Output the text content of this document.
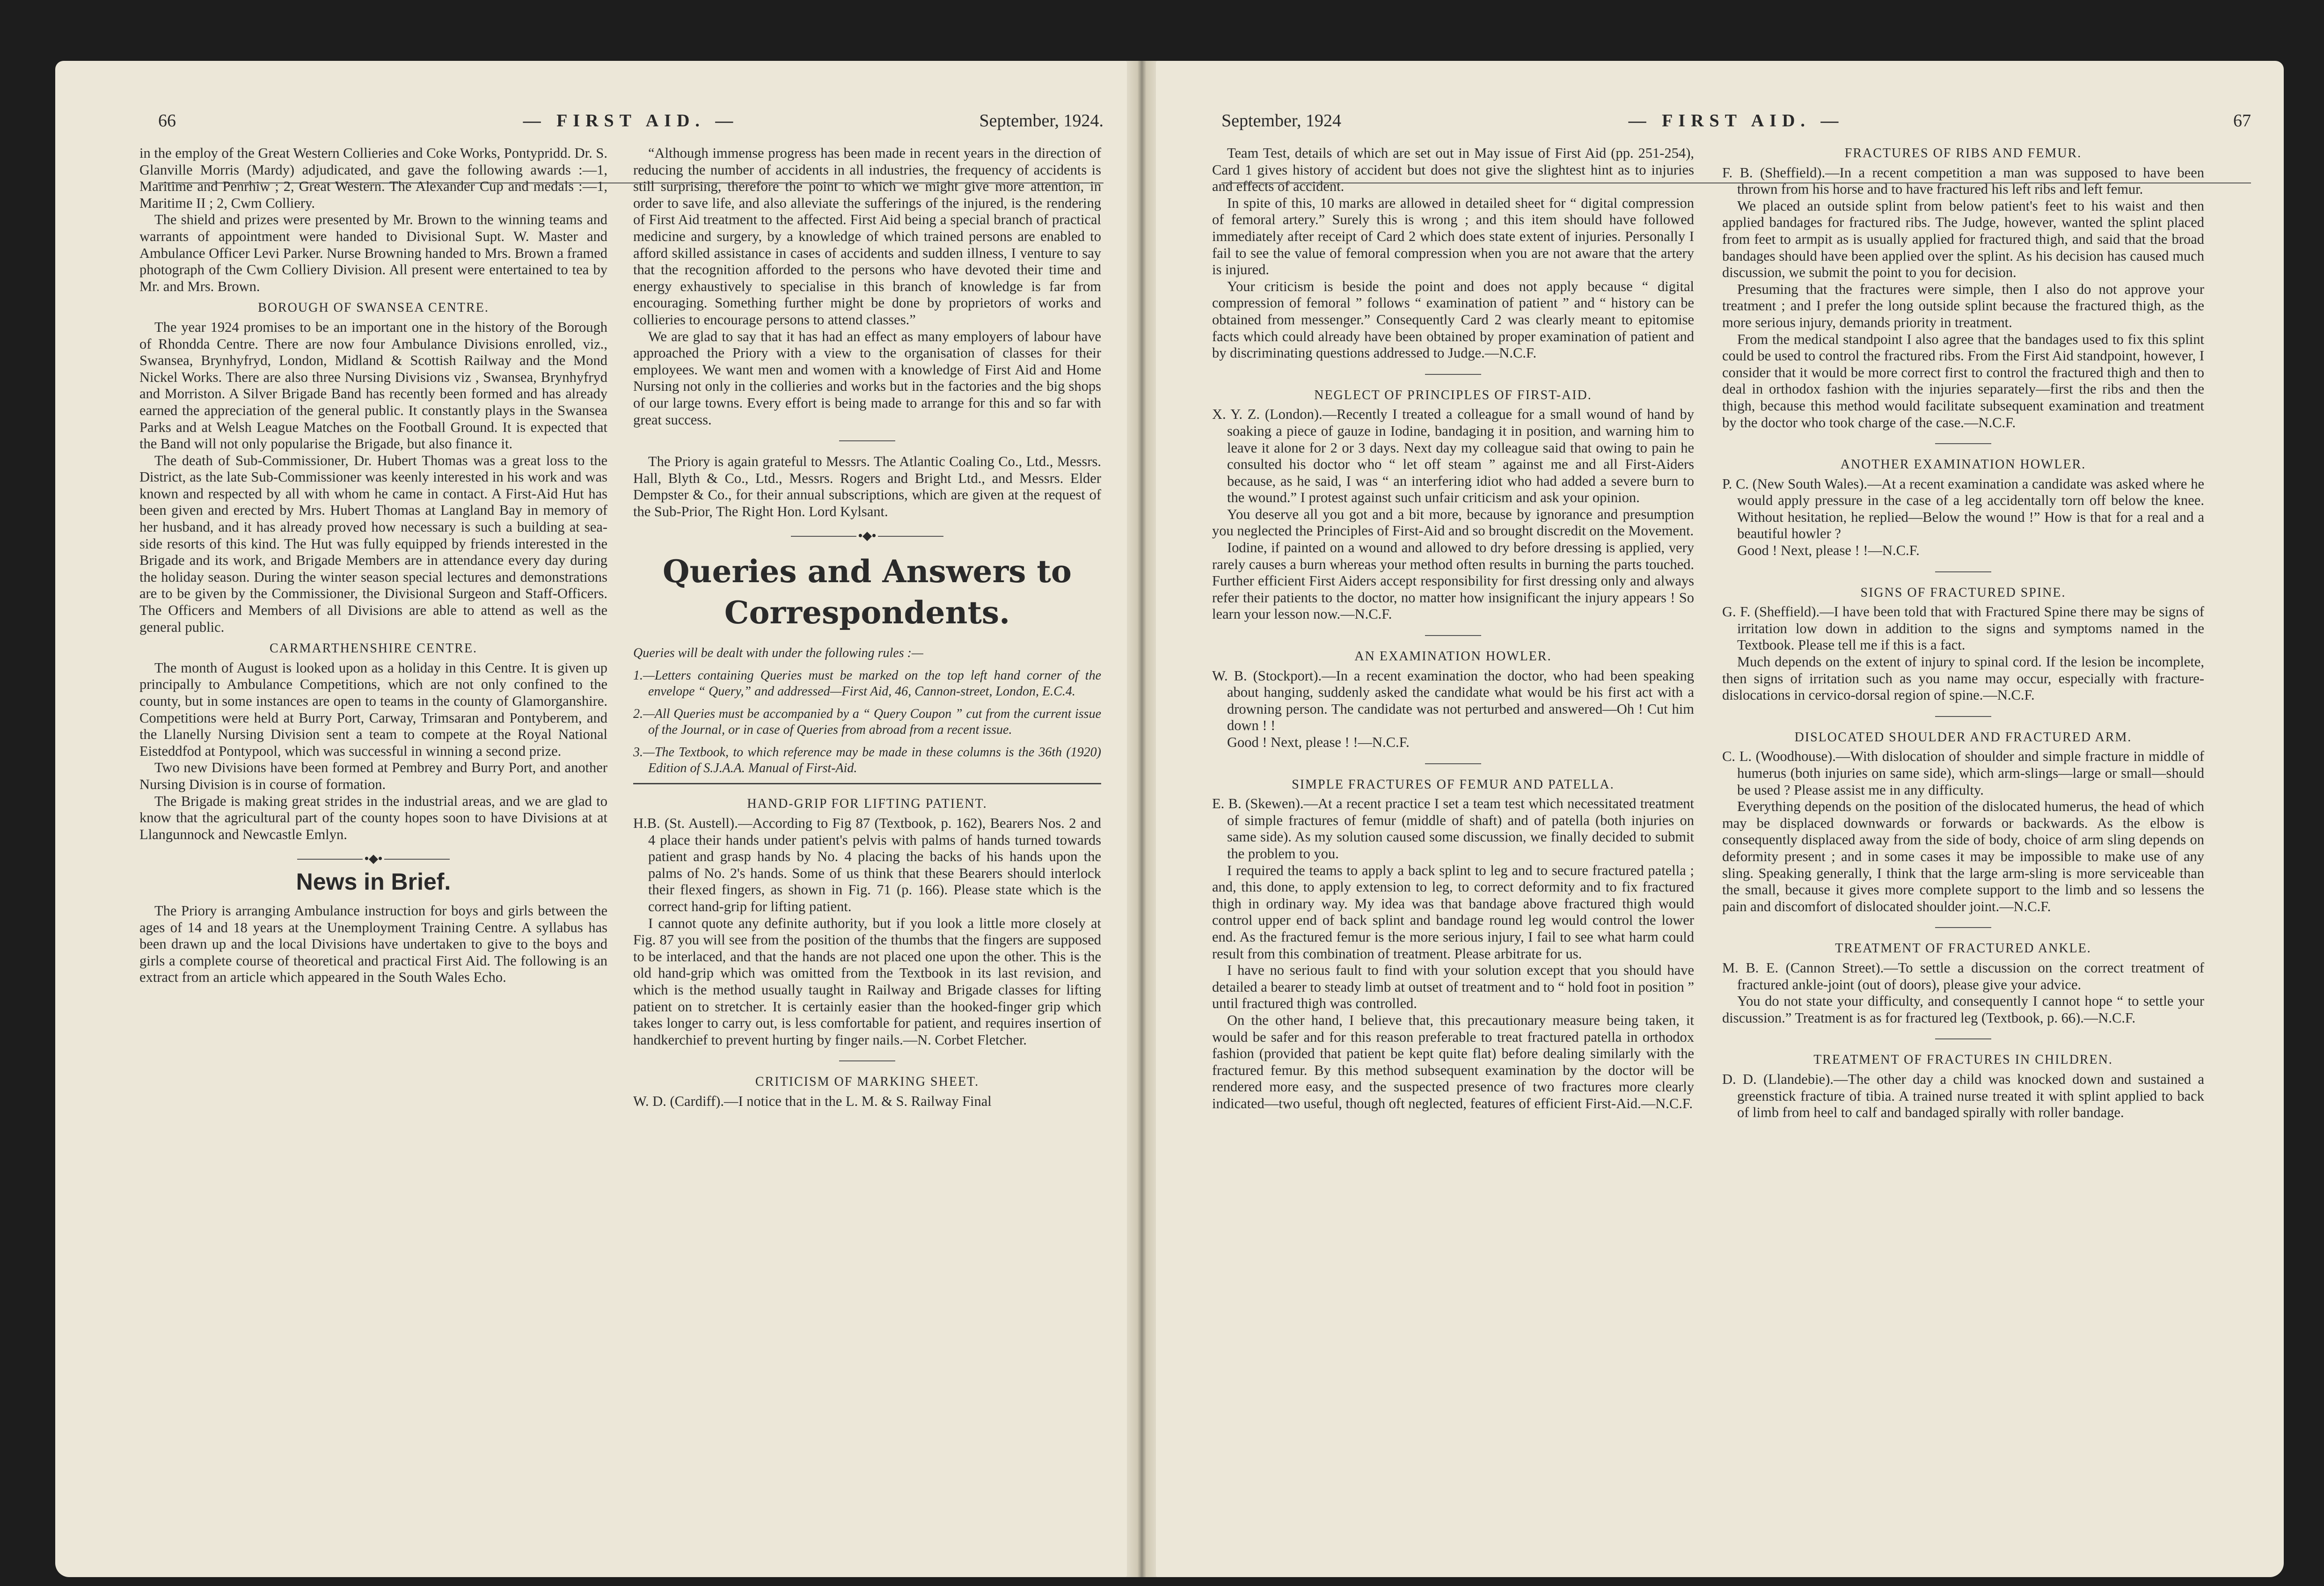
66	— FIRST AID. —	September, 1924.

in the employ of the Great Western Collieries and Coke Works, Pontypridd. Dr. S. Glanville Morris (Mardy) adjudicated, and gave the following awards :—1, Maritime and Penrhiw ; 2, Great Western. The Alexander Cup and medals :—1, Maritime II ; 2, Cwm Colliery.

The shield and prizes were presented by Mr. Brown to the winning teams and warrants of appointment were handed to Divisional Supt. W. Master and Ambulance Officer Levi Parker. Nurse Browning handed to Mrs. Brown a framed photograph of the Cwm Colliery Division. All present were entertained to tea by Mr. and Mrs. Brown.

BOROUGH OF SWANSEA CENTRE.

The year 1924 promises to be an important one in the history of the Borough of Rhondda Centre. There are now four Ambulance Divisions enrolled, viz., Swansea, Brynhyfryd, London, Midland & Scottish Railway and the Mond Nickel Works. There are also three Nursing Divisions viz , Swansea, Brynhyfryd and Morriston. A Silver Brigade Band has recently been formed and has already earned the appreciation of the general public. It constantly plays in the Swansea Parks and at Welsh League Matches on the Football Ground. It is expected that the Band will not only popularise the Brigade, but also finance it.

The death of Sub-Commissioner, Dr. Hubert Thomas was a great loss to the District, as the late Sub-Commissioner was keenly interested in his work and was known and respected by all with whom he came in contact. A First-Aid Hut has been given and erected by Mrs. Hubert Thomas at Langland Bay in memory of her husband, and it has already proved how necessary is such a building at sea-side resorts of this kind. The Hut was fully equipped by friends interested in the Brigade and its work, and Brigade Members are in attendance every day during the holiday season. During the winter season special lectures and demonstrations are to be given by the Commissioner, the Divisional Surgeon and Staff-Officers. The Officers and Members of all Divisions are able to attend as well as the general public.

CARMARTHENSHIRE CENTRE.

The month of August is looked upon as a holiday in this Centre. It is given up principally to Ambulance Competitions, which are not only confined to the county, but in some instances are open to teams in the county of Glamorganshire. Competitions were held at Burry Port, Carway, Trimsaran and Pontyberem, and the Llanelly Nursing Division sent a team to compete at the Royal National Eisteddfod at Pontypool, which was successful in winning a second prize.

Two new Divisions have been formed at Pembrey and Burry Port, and another Nursing Division is in course of formation.

The Brigade is making great strides in the industrial areas, and we are glad to know that the agricultural part of the county hopes soon to have Divisions at at Llangunnock and Newcastle Emlyn.

•◆•
News in Brief.

The Priory is arranging Ambulance instruction for boys and girls between the ages of 14 and 18 years at the Unemployment Training Centre. A syllabus has been drawn up and the local Divisions have undertaken to give to the boys and girls a complete course of theoretical and practical First Aid. The following is an extract from an article which appeared in the South Wales Echo.

“Although immense progress has been made in recent years in the direction of reducing the number of accidents in all industries, the frequency of accidents is still surprising, therefore the point to which we might give more attention, in order to save life, and also alleviate the sufferings of the injured, is the rendering of First Aid treatment to the affected. First Aid being a special branch of practical medicine and surgery, by a knowledge of which trained persons are enabled to afford skilled assistance in cases of accidents and sudden illness, I venture to say that the recognition afforded to the persons who have devoted their time and energy exhaustively to specialise in this branch of knowledge is far from encouraging. Something further might be done by proprietors of works and collieries to encourage persons to attend classes.”

We are glad to say that it has had an effect as many employers of labour have approached the Priory with a view to the organisation of classes for their employees. We want men and women with a knowledge of First Aid and Home Nursing not only in the collieries and works but in the factories and the big shops of our large towns. Every effort is being made to arrange for this and so far with great success.

The Priory is again grateful to Messrs. The Atlantic Coaling Co., Ltd., Messrs. Hall, Blyth & Co., Ltd., Messrs. Rogers and Bright Ltd., and Messrs. Elder Dempster & Co., for their annual subscriptions, which are given at the request of the Sub-Prior, The Right Hon. Lord Kylsant.

•◆•
Queries and Answers to Correspondents.

Queries will be dealt with under the following rules :—

1.—Letters containing Queries must be marked on the top left hand corner of the envelope “ Query,” and addressed—First Aid, 46, Cannon-street, London, E.C.4.

2.—All Queries must be accompanied by a “ Query Coupon ” cut from the current issue of the Journal, or in case of Queries from abroad from a recent issue.

3.—The Textbook, to which reference may be made in these columns is the 36th (1920) Edition of S.J.A.A. Manual of First-Aid.

HAND-GRIP FOR LIFTING PATIENT.

H.B. (St. Austell).—According to Fig 87 (Textbook, p. 162), Bearers Nos. 2 and 4 place their hands under patient's pelvis with palms of hands turned towards patient and grasp hands by No. 4 placing the backs of his hands upon the palms of No. 2's hands. Some of us think that these Bearers should interlock their flexed fingers, as shown in Fig. 71 (p. 166). Please state which is the correct hand-grip for lifting patient.

I cannot quote any definite authority, but if you look a little more closely at Fig. 87 you will see from the position of the thumbs that the fingers are supposed to be interlaced, and that the hands are not placed one upon the other. This is the old hand-grip which was omitted from the Textbook in its last revision, and which is the method usually taught in Railway and Brigade classes for lifting patient on to stretcher. It is certainly easier than the hooked-finger grip which takes longer to carry out, is less comfortable for patient, and requires insertion of handkerchief to prevent hurting by finger nails.—N. Corbet Fletcher.

CRITICISM OF MARKING SHEET.

W. D. (Cardiff).—I notice that in the L. M. & S. Railway Final

September, 1924	— FIRST AID. —	67

Team Test, details of which are set out in May issue of First Aid (pp. 251-254), Card 1 gives history of accident but does not give the slightest hint as to injuries and effects of accident.

In spite of this, 10 marks are allowed in detailed sheet for “ digital compression of femoral artery.” Surely this is wrong ; and this item should have followed immediately after receipt of Card 2 which does state extent of injuries. Personally I fail to see the value of femoral compression when you are not aware that the artery is injured.

Your criticism is beside the point and does not apply because “ digital compression of femoral ” follows “ examination of patient ” and “ history can be obtained from messenger.” Consequently Card 2 was clearly meant to epitomise facts which could already have been obtained by proper examination of patient and by discriminating questions addressed to Judge.—N.C.F.

NEGLECT OF PRINCIPLES OF FIRST-AID.

X. Y. Z. (London).—Recently I treated a colleague for a small wound of hand by soaking a piece of gauze in Iodine, bandaging it in position, and warning him to leave it alone for 2 or 3 days. Next day my colleague said that owing to pain he consulted his doctor who “ let off steam ” against me and all First-Aiders because, as he said, I was “ an interfering idiot who had added a severe burn to the wound.” I protest against such unfair criticism and ask your opinion.

You deserve all you got and a bit more, because by ignorance and presumption you neglected the Principles of First-Aid and so brought discredit on the Movement.

Iodine, if painted on a wound and allowed to dry before dressing is applied, very rarely causes a burn whereas your method often results in burning the parts touched. Further efficient First Aiders accept responsibility for first dressing only and always refer their patients to the doctor, no matter how insignificant the injury appears ! So learn your lesson now.—N.C.F.

AN EXAMINATION HOWLER.

W. B. (Stockport).—In a recent examination the doctor, who had been speaking about hanging, suddenly asked the candidate what would be his first act with a drowning person. The candidate was not perturbed and answered—Oh ! Cut him down ! !

Good ! Next, please ! !—N.C.F.

SIMPLE FRACTURES OF FEMUR AND PATELLA.

E. B. (Skewen).—At a recent practice I set a team test which necessitated treatment of simple fractures of femur (middle of shaft) and of patella (both injuries on same side). As my solution caused some discussion, we finally decided to submit the problem to you.

I required the teams to apply a back splint to leg and to secure fractured patella ; and, this done, to apply extension to leg, to correct deformity and to fix fractured thigh in ordinary way. My idea was that bandage above fractured thigh would control upper end of back splint and bandage round leg would control the lower end. As the fractured femur is the more serious injury, I fail to see what harm could result from this combination of treatment. Please arbitrate for us.

I have no serious fault to find with your solution except that you should have detailed a bearer to steady limb at outset of treatment and to “ hold foot in position ” until fractured thigh was controlled.

On the other hand, I believe that, this precautionary measure being taken, it would be safer and for this reason preferable to treat fractured patella in orthodox fashion (provided that patient be kept quite flat) before dealing similarly with the fractured femur. By this method subsequent examination by the doctor will be rendered more easy, and the suspected presence of two fractures more clearly indicated—two useful, though oft neglected, features of efficient First-Aid.—N.C.F.

FRACTURES OF RIBS AND FEMUR.

F. B. (Sheffield).—In a recent competition a man was supposed to have been thrown from his horse and to have fractured his left ribs and left femur.

We placed an outside splint from below patient's feet to his waist and then applied bandages for fractured ribs. The Judge, however, wanted the splint placed from feet to armpit as is usually applied for fractured thigh, and said that the broad bandages should have been applied over the splint. As his decision has caused much discussion, we submit the point to you for decision.

Presuming that the fractures were simple, then I also do not approve your treatment ; and I prefer the long outside splint because the fractured thigh, as the more serious injury, demands priority in treatment.

From the medical standpoint I also agree that the bandages used to fix this splint could be used to control the fractured ribs. From the First Aid standpoint, however, I consider that it would be more correct first to control the fractured thigh and then to deal in orthodox fashion with the injuries separately—first the ribs and then the thigh, because this method would facilitate subsequent examination and treatment by the doctor who took charge of the case.—N.C.F.

ANOTHER EXAMINATION HOWLER.

P. C. (New South Wales).—At a recent examination a candidate was asked where he would apply pressure in the case of a leg accidentally torn off below the knee. Without hesitation, he replied—Below the wound !” How is that for a real and a beautiful howler ?

Good ! Next, please ! !—N.C.F.

SIGNS OF FRACTURED SPINE.

G. F. (Sheffield).—I have been told that with Fractured Spine there may be signs of irritation low down in addition to the signs and symptoms named in the Textbook. Please tell me if this is a fact.

Much depends on the extent of injury to spinal cord. If the lesion be incomplete, then signs of irritation such as you name may occur, especially with fracture-dislocations in cervico-dorsal region of spine.—N.C.F.

DISLOCATED SHOULDER AND FRACTURED ARM.

C. L. (Woodhouse).—With dislocation of shoulder and simple fracture in middle of humerus (both injuries on same side), which arm-slings—large or small—should be used ? Please assist me in any difficulty.

Everything depends on the position of the dislocated humerus, the head of which may be displaced downwards or forwards or backwards. As the elbow is consequently displaced away from the side of body, choice of arm sling depends on deformity present ; and in some cases it may be impossible to make use of any sling. Speaking generally, I think that the large arm-sling is more serviceable than the small, because it gives more complete support to the limb and so lessens the pain and discomfort of dislocated shoulder joint.—N.C.F.

TREATMENT OF FRACTURED ANKLE.

M. B. E. (Cannon Street).—To settle a discussion on the correct treatment of fractured ankle-joint (out of doors), please give your advice.

You do not state your difficulty, and consequently I cannot hope “ to settle your discussion.” Treatment is as for fractured leg (Textbook, p. 66).—N.C.F.

TREATMENT OF FRACTURES IN CHILDREN.

D. D. (Llandebie).—The other day a child was knocked down and sustained a greenstick fracture of tibia. A trained nurse treated it with splint applied to back of limb from heel to calf and bandaged spirally with roller bandage.
